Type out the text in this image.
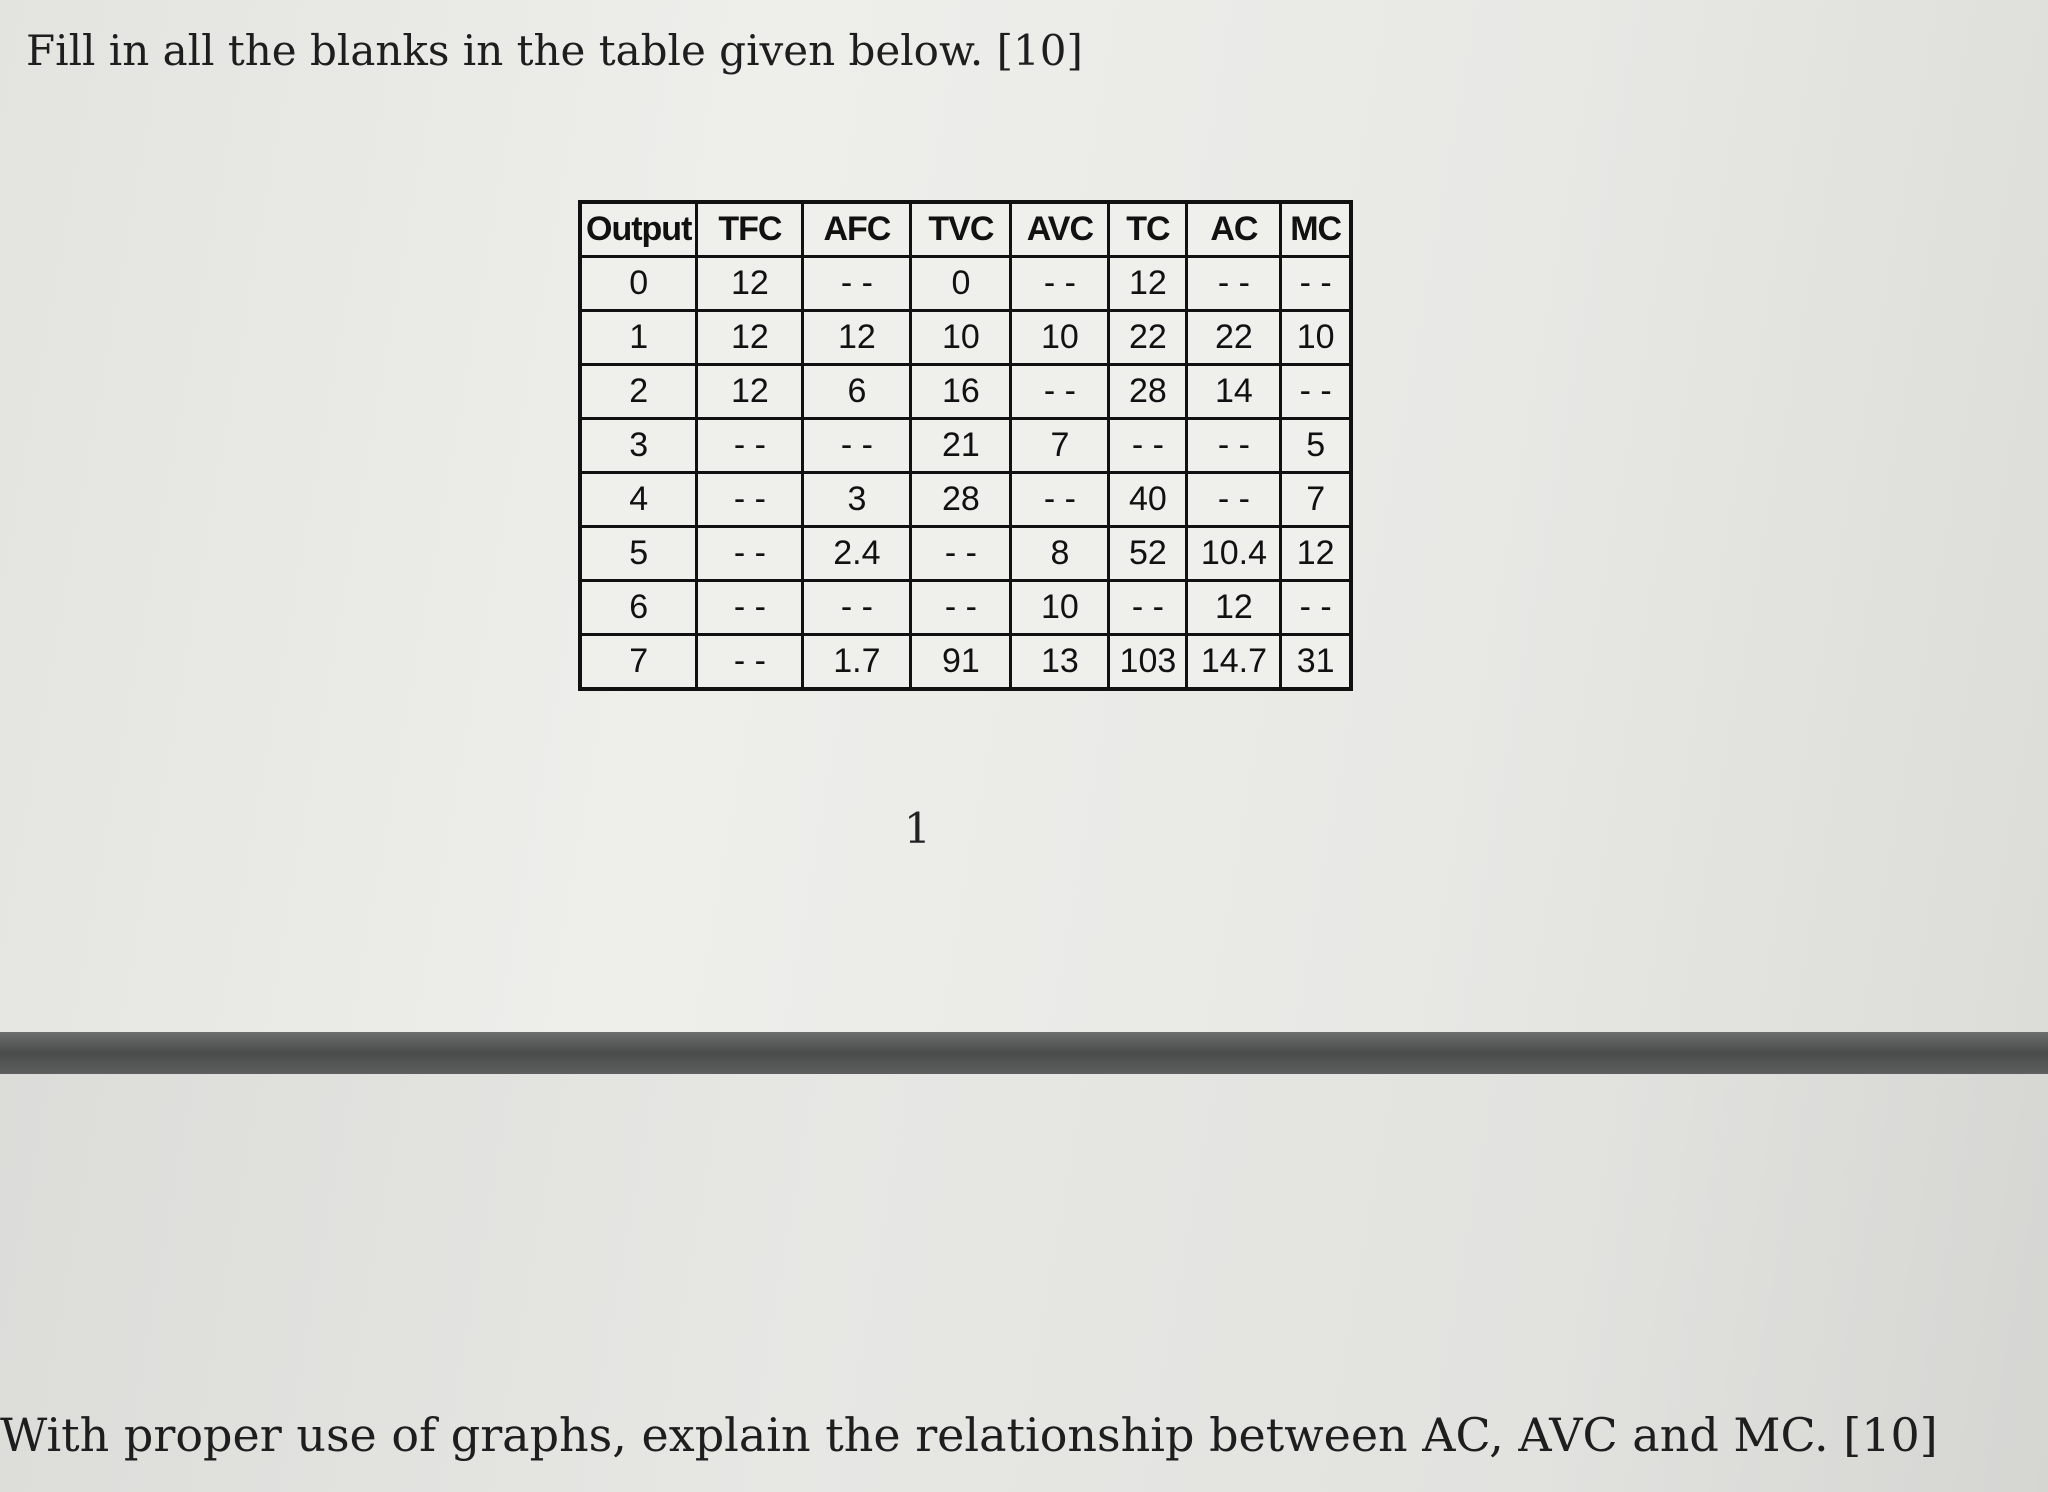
Fill in all the blanks in the table given below. [10]
Output	TFC	AFC	TVC	AVC	TC	AC	MC
0	12	- -	0	- -	12	- -	- -
1	12	12	10	10	22	22	10
2	12	6	16	- -	28	14	- -
3	- -	- -	21	7	- -	- -	5
4	- -	3	28	- -	40	- -	7
5	- -	2.4	- -	8	52	10.4	12
6	- -	- -	- -	10	- -	12	- -
7	- -	1.7	91	13	103	14.7	31
1
With proper use of graphs, explain the relationship between AC, AVC and MC. [10]
